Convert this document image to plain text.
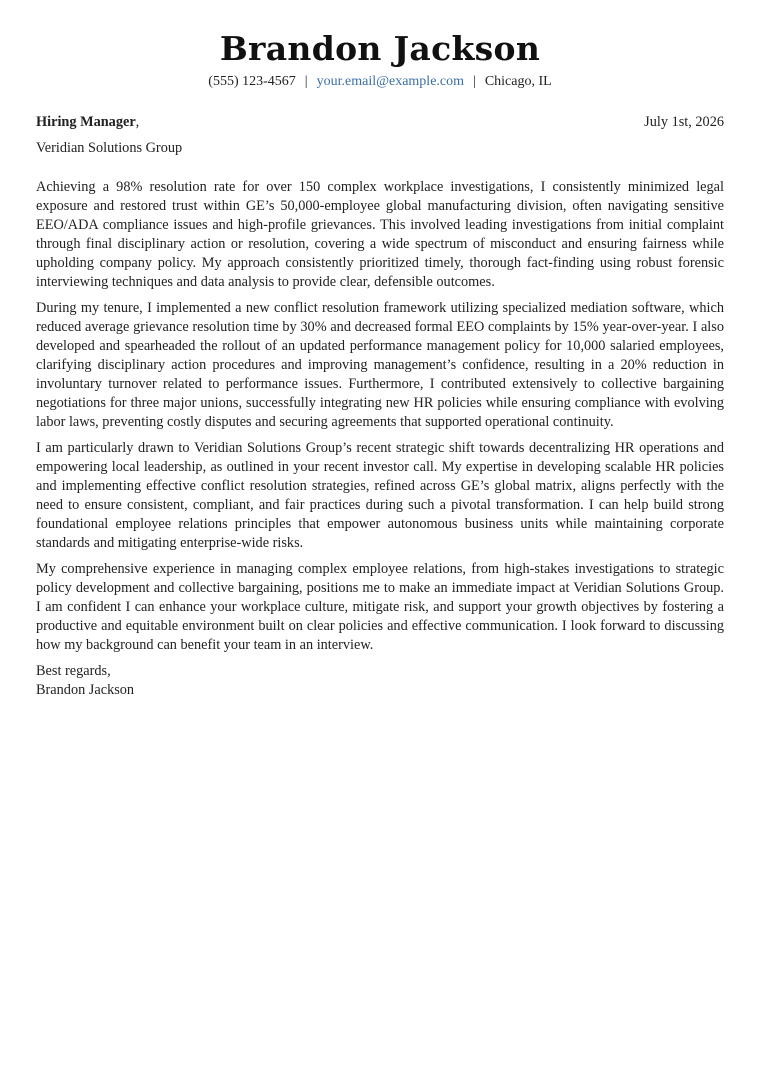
Brandon Jackson
(555) 123-4567 | your.email@example.com | Chicago, IL
Hiring Manager,	July 1st, 2026
Veridian Solutions Group

Achieving a 98% resolution rate for over 150 complex workplace investigations, I consistently minimized legal exposure and restored trust within GE’s 50,000-employee global manufacturing division, often navigating sensitive EEO/ADA compliance issues and high-profile grievances. This involved leading investigations from initial complaint through final disciplinary action or resolution, covering a wide spectrum of misconduct and ensuring fairness while upholding company policy. My approach consistently prioritized timely, thorough fact-finding using robust forensic interviewing techniques and data analysis to provide clear, defensible outcomes.

During my tenure, I implemented a new conflict resolution framework utilizing specialized mediation software, which reduced average grievance resolution time by 30% and decreased formal EEO complaints by 15% year-over-year. I also developed and spearheaded the rollout of an updated performance management policy for 10,000 salaried employees, clarifying disciplinary action procedures and improving management’s confidence, resulting in a 20% reduction in involuntary turnover related to performance issues. Furthermore, I contributed extensively to collective bargaining negotiations for three major unions, successfully integrating new HR policies while ensuring compliance with evolving labor laws, preventing costly disputes and securing agreements that supported operational continuity.

I am particularly drawn to Veridian Solutions Group’s recent strategic shift towards decentralizing HR operations and empowering local leadership, as outlined in your recent investor call. My expertise in developing scalable HR policies and implementing effective conflict resolution strategies, refined across GE’s global matrix, aligns perfectly with the need to ensure consistent, compliant, and fair practices during such a pivotal transformation. I can help build strong foundational employee relations principles that empower autonomous business units while maintaining corporate standards and mitigating enterprise-wide risks.

My comprehensive experience in managing complex employee relations, from high-stakes investigations to strategic policy development and collective bargaining, positions me to make an immediate impact at Veridian Solutions Group. I am confident I can enhance your workplace culture, mitigate risk, and support your growth objectives by fostering a productive and equitable environment built on clear policies and effective communication. I look forward to discussing how my background can benefit your team in an interview.

Best regards,
Brandon Jackson
